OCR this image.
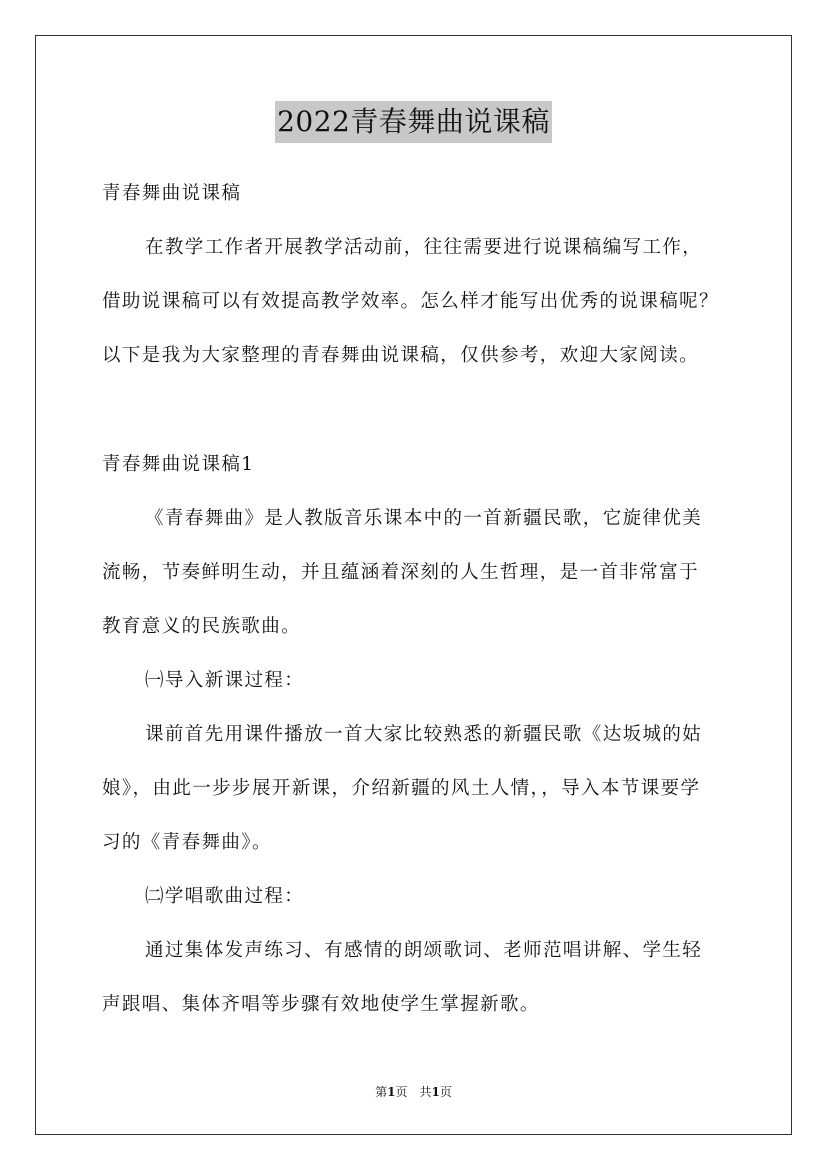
2022青春舞曲说课稿
青春舞曲说课稿
在教学工作者开展教学活动前，往往需要进行说课稿编写工作，
借助说课稿可以有效提高教学效率。怎么样才能写出优秀的说课稿呢？
以下是我为大家整理的青春舞曲说课稿，仅供参考，欢迎大家阅读。
青春舞曲说课稿1
《青春舞曲》是人教版音乐课本中的一首新疆民歌，它旋律优美
流畅，节奏鲜明生动，并且蕴涵着深刻的人生哲理，是一首非常富于
教育意义的民族歌曲。
㈠导入新课过程：
课前首先用课件播放一首大家比较熟悉的新疆民歌《达坂城的姑
娘》，由此一步步展开新课，介绍新疆的风土人情，，导入本节课要学
习的《青春舞曲》。
㈡学唱歌曲过程：
通过集体发声练习、有感情的朗颂歌词、老师范唱讲解、学生轻
声跟唱、集体齐唱等步骤有效地使学生掌握新歌。
第1页　共1页
